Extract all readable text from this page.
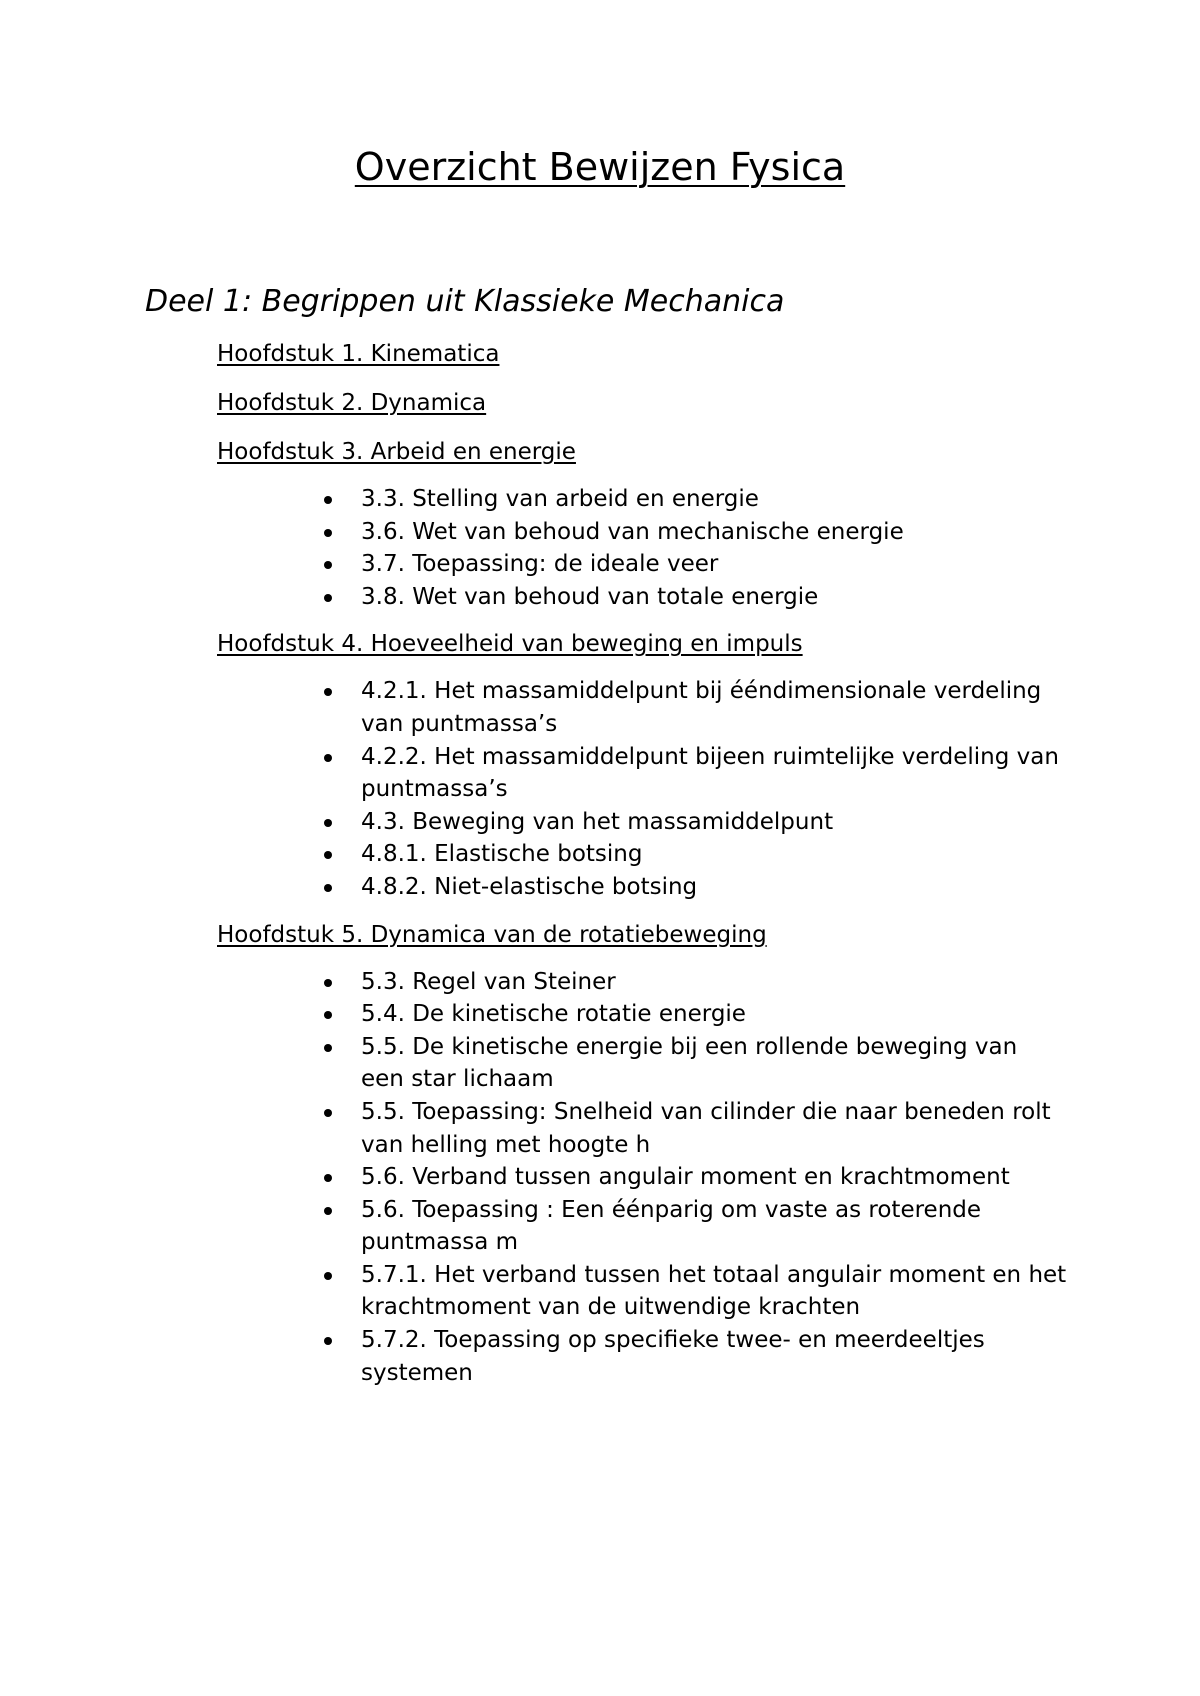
Overzicht Bewijzen Fysica
Deel 1: Begrippen uit Klassieke Mechanica
Hoofdstuk 1. Kinematica
Hoofdstuk 2. Dynamica
Hoofdstuk 3. Arbeid en energie
3.3. Stelling van arbeid en energie
3.6. Wet van behoud van mechanische energie
3.7. Toepassing: de ideale veer
3.8. Wet van behoud van totale energie
Hoofdstuk 4. Hoeveelheid van beweging en impuls
4.2.1. Het massamiddelpunt bij ééndimensionale verdeling van puntmassa’s
4.2.2. Het massamiddelpunt bijeen ruimtelijke verdeling van puntmassa’s
4.3. Beweging van het massamiddelpunt
4.8.1. Elastische botsing
4.8.2. Niet-elastische botsing
Hoofdstuk 5. Dynamica van de rotatiebeweging
5.3. Regel van Steiner
5.4. De kinetische rotatie energie
5.5. De kinetische energie bij een rollende beweging van een star lichaam
5.5. Toepassing: Snelheid van cilinder die naar beneden rolt van helling met hoogte h
5.6. Verband tussen angulair moment en krachtmoment
5.6. Toepassing : Een éénparig om vaste as roterende puntmassa m
5.7.1. Het verband tussen het totaal angulair moment en het krachtmoment van de uitwendige krachten
5.7.2. Toepassing op specifieke twee- en meerdeeltjes systemen
